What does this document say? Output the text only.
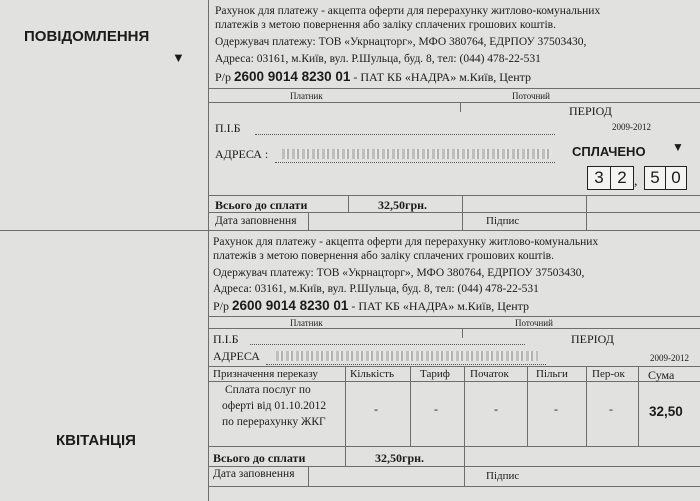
ПОВІДОМЛЕННЯ
▼
КВІТАНЦІЯ
Рахунок для платежу - акцепта оферти для перерахунку житлово-комунальних
платежів з метою повернення або заліку сплачених грошових коштів.
Одержувач платежу: ТОВ «Укрнацторг», МФО 380764, ЕДРПОУ 37503430,
Адреса: 03161, м.Київ, вул. Р.Шульца, буд. 8, тел: (044) 478-22-531
Р/р 2600 9014 8230 01 - ПАТ КБ «НАДРА» м.Київ, Центр
Платник	Поточний
ПЕРІОД
2009-2012
П.І.Б
АДРЕСА :	СПЛАЧЕНО ▼
3 2 , 5 0
Всього до сплати	32,50грн.
Дата заповнення	Підпис
Рахунок для платежу - акцепта оферти для перерахунку житлово-комунальних
платежів з метою повернення або заліку сплачених грошових коштів.
Одержувач платежу: ТОВ «Укрнацторг», МФО 380764, ЕДРПОУ 37503430,
Адреса: 03161, м.Київ, вул. Р.Шульца, буд. 8, тел: (044) 478-22-531
Р/р 2600 9014 8230 01 - ПАТ КБ «НАДРА» м.Київ, Центр
Платник	Поточний
П.І.Б	ПЕРІОД
АДРЕСА	2009-2012
Призначення переказу	Кількість Тариф Початок Пільги Пер-ок Сума
Сплата послуг по
оферті від 01.10.2012
по перерахунку ЖКГ
-	-	-	-	-	32,50
Всього до сплати	32,50грн.
Дата заповнення	Підпис
